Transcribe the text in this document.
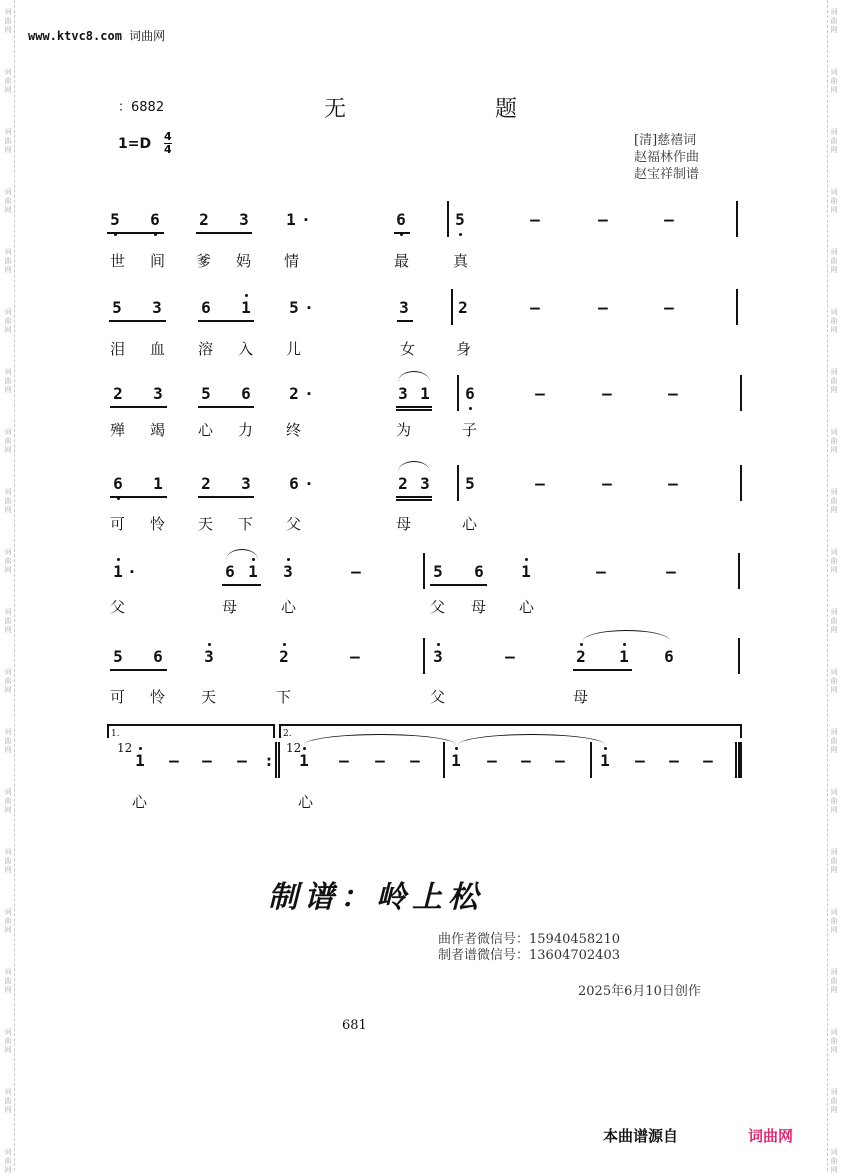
词
曲
网
词
曲
网
词
曲
网
词
曲
网
词
曲
网
词
曲
网
词
曲
网
词
曲
网
词
曲
网
词
曲
网
词
曲
网
词
曲
网
词
曲
网
词
曲
网
词
曲
网
词
曲
网
词
曲
网
词
曲
网
词
曲
网
词
曲
网
词
曲
网
词
曲
网
词
曲
网
词
曲
网
词
曲
网
词
曲
网
词
曲
网
词
曲
网
词
曲
网
词
曲
网
词
曲
网
词
曲
网
词
曲
网
词
曲
网
词
曲
网
词
曲
网
词
曲
网
词
曲
网
词
曲
网
词
曲
网
www.ktvc8.com 词曲网
：6882	无	题
1=D 4
4
[清]慈禧词
赵福林作曲
赵宝祥制谱
5 6 2 3 1 ·	6	5	–	–	–
世 间 爹 妈 情	最	真
5 3 6 1 5 ·	3	2	–	–	–
泪 血 溶 入 儿	女	身
2 3 5 6 2 ·	3 1 6	–	–	–
殚 竭 心 力 终	为	子
6 1 2 3 6 ·	2 3 5	–	–	–
可 怜 天 下 父	母	心
1 ·	6 1 3	–	5 6 1	–	–
父	母	心	父 母 心
5 6	3	2	–	3	–	2 1 6
可 怜 天	下	父	母
1.	2.
12	12
1 – – – : 1 – – – 1 – – – 1 – – –
心	心
制谱：岭上松
曲作者微信号：15940458210
制者谱微信号：13604702403
2025年6月10日创作
681
本曲谱源自	词曲网
